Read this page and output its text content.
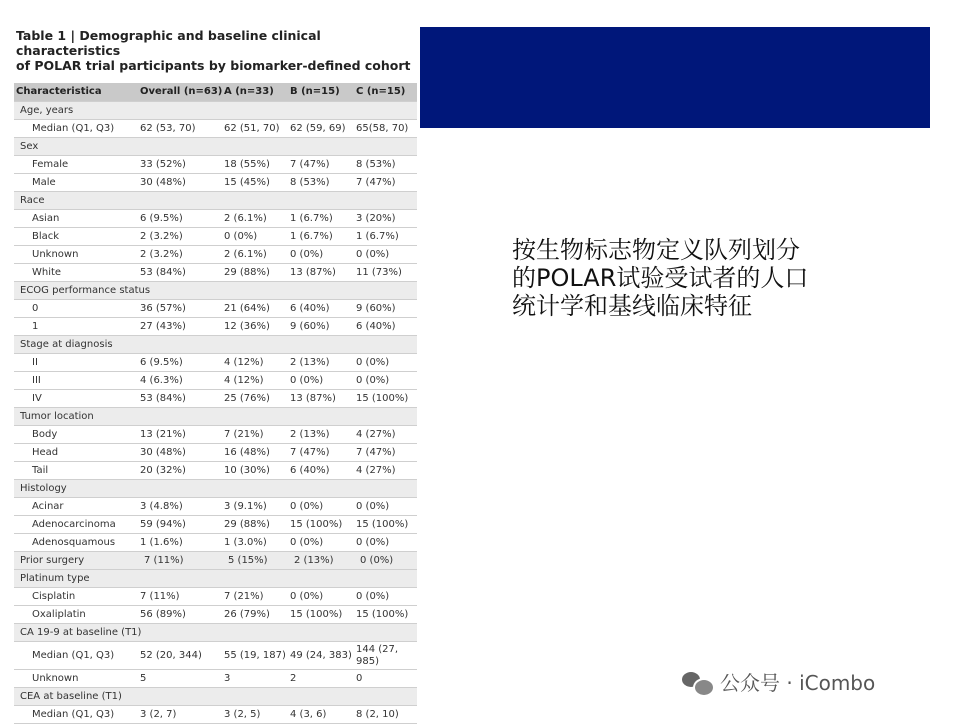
Table 1 | Demographic and baseline clinical characteristics
of POLAR trial participants by biomarker-defined cohort
Characteristica	Overall (n=63)	A (n=33)	B (n=15)	C (n=15)
Age, years				
Median (Q1, Q3)	62 (53, 70)	62 (51, 70)	62 (59, 69)	65(58, 70)
Sex				
Female	33 (52%)	18 (55%)	7 (47%)	8 (53%)
Male	30 (48%)	15 (45%)	8 (53%)	7 (47%)
Race				
Asian	6 (9.5%)	2 (6.1%)	1 (6.7%)	3 (20%)
Black	2 (3.2%)	0 (0%)	1 (6.7%)	1 (6.7%)
Unknown	2 (3.2%)	2 (6.1%)	0 (0%)	0 (0%)
White	53 (84%)	29 (88%)	13 (87%)	11 (73%)
ECOG performance status				
0	36 (57%)	21 (64%)	6 (40%)	9 (60%)
1	27 (43%)	12 (36%)	9 (60%)	6 (40%)
Stage at diagnosis				
II	6 (9.5%)	4 (12%)	2 (13%)	0 (0%)
III	4 (6.3%)	4 (12%)	0 (0%)	0 (0%)
IV	53 (84%)	25 (76%)	13 (87%)	15 (100%)
Tumor location				
Body	13 (21%)	7 (21%)	2 (13%)	4 (27%)
Head	30 (48%)	16 (48%)	7 (47%)	7 (47%)
Tail	20 (32%)	10 (30%)	6 (40%)	4 (27%)
Histology				
Acinar	3 (4.8%)	3 (9.1%)	0 (0%)	0 (0%)
Adenocarcinoma	59 (94%)	29 (88%)	15 (100%)	15 (100%)
Adenosquamous	1 (1.6%)	1 (3.0%)	0 (0%)	0 (0%)
Prior surgery	7 (11%)	5 (15%)	2 (13%)	0 (0%)
Platinum type				
Cisplatin	7 (11%)	7 (21%)	0 (0%)	0 (0%)
Oxaliplatin	56 (89%)	26 (79%)	15 (100%)	15 (100%)
CA 19-9 at baseline (T1)				
Median (Q1, Q3)	52 (20, 344)	55 (19, 187)	49 (24, 383)	144 (27, 985)
Unknown	5	3	2	0
CEA at baseline (T1)				
Median (Q1, Q3)	3 (2, 7)	3 (2, 5)	4 (3, 6)	8 (2, 10)
按生物标志物定义队列划分的POLAR试验受试者的人口统计学和基线临床特征
公众号 · iCombo
